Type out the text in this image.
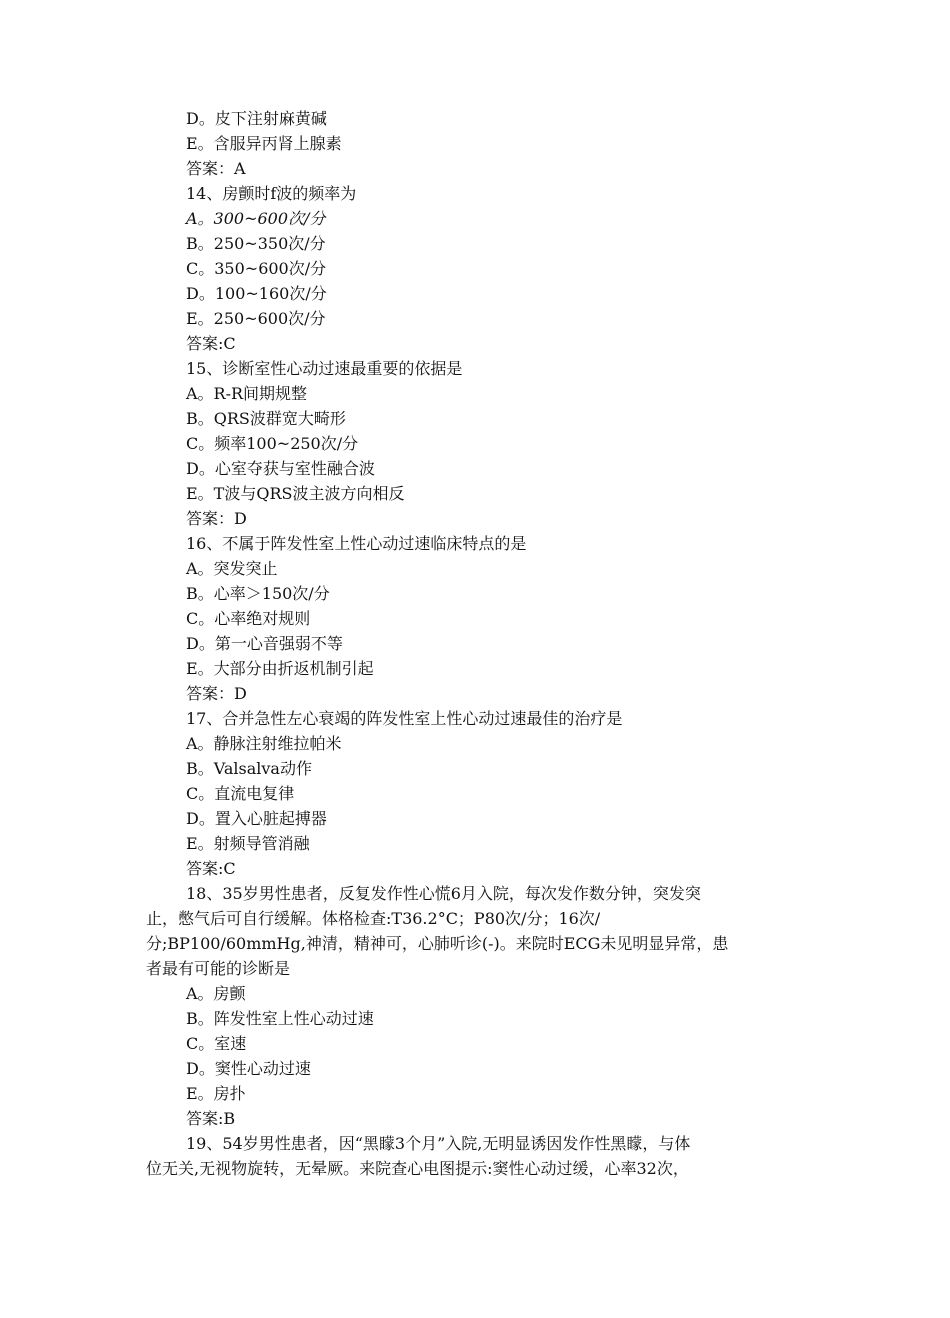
D。皮下注射麻黄碱
E。含服异丙肾上腺素
答案：A
14、房颤时f波的频率为
A。300~600次/分
B。250~350次/分
C。350~600次/分
D。100~160次/分
E。250~600次/分
答案:C
15、诊断室性心动过速最重要的依据是
A。R-R间期规整
B。QRS波群宽大畸形
C。频率100~250次/分
D。心室夺获与室性融合波
E。T波与QRS波主波方向相反
答案：D
16、不属于阵发性室上性心动过速临床特点的是
A。突发突止
B。心率＞150次/分
C。心率绝对规则
D。第一心音强弱不等
E。大部分由折返机制引起
答案：D
17、合并急性左心衰竭的阵发性室上性心动过速最佳的治疗是
A。静脉注射维拉帕米
B。Valsalva动作
C。直流电复律
D。置入心脏起搏器
E。射频导管消融
答案:C
18、35岁男性患者，反复发作性心慌6月入院，每次发作数分钟，突发突
止，憋气后可自行缓解。体格检查:T36.2°C；P80次/分；16次/
分;BP100/60mmHg,神清，精神可，心肺听诊(-)。来院时ECG未见明显异常，患
者最有可能的诊断是
A。房颤
B。阵发性室上性心动过速
C。室速
D。窦性心动过速
E。房扑
答案:B
19、54岁男性患者，因“黑矇3个月”入院,无明显诱因发作性黑矇，与体
位无关,无视物旋转，无晕厥。来院查心电图提示:窦性心动过缓，心率32次，
